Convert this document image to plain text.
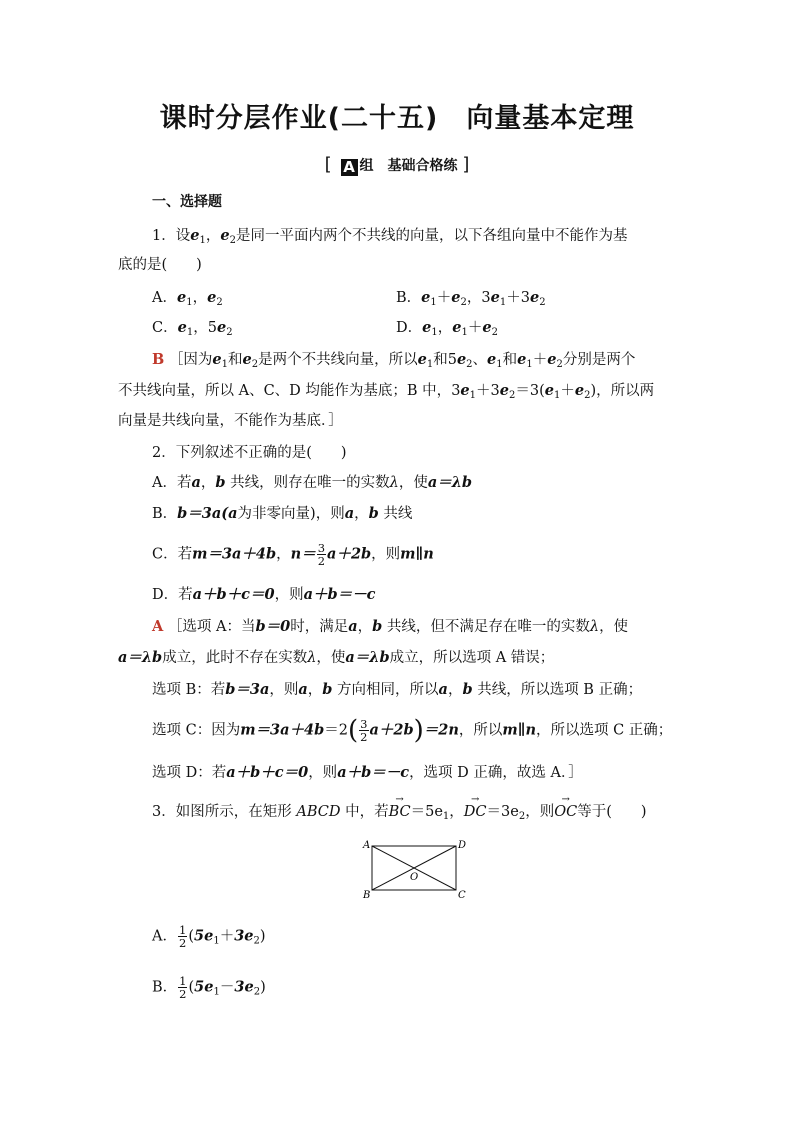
课时分层作业(二十五)　向量基本定理
[ A 组　基础合格练 ]
一、选择题
1．设$e_1$，$e_2$是同一平面内两个不共线的向量，以下各组向量中不能作为基
底的是(　　)
A．$e_1$，$e_2$	B．$e_1+e_2$，$3e_1+3e_2$
C．$e_1$，$5e_2$	D．$e_1$，$e_1+e_2$
B ［因为$e_1$和$e_2$是两个不共线向量，所以$e_1$和$5e_2$、$e_1$和$e_1+e_2$分别是两个
不共线向量，所以 A、C、D 均能作为基底；B 中，$3e_1+3e_2=3(e_1+e_2)$，所以两
向量是共线向量，不能作为基底．］
2．下列叙述不正确的是(　　)
A．若a，b 共线，则存在唯一的实数λ，使a＝λb
B．b＝3a(a为非零向量)，则a，b 共线
C．若m＝3a＋4b，$n= \frac{3}{2} a+2b$，则m∥n
D．若a＋b＋c＝0，则a＋b＝－c
A ［选项 A：当b＝0时，满足a，b 共线，但不满足存在唯一的实数λ，使
a＝λb成立，此时不存在实数λ，使a＝λb成立，所以选项 A 错误；
选项 B：若b＝3a，则a，b 方向相同，所以a，b 共线，所以选项 B 正确；
选项 C：因为$m=3a+4b=2( \frac{3}{2} a+2b)=2n$，所以m∥n，所以选项 C 正确；
选项 D：若a＋b＋c＝0，则a＋b＝－c，选项 D 正确，故选 A．］
3．如图所示，在矩形 ABCD 中，若→ $BC=5e_1$，→ $DC=3e_2$，则→ OC等于(　　)
A	D
B	C
O
A． $\frac{1}{2} (5e_1+3e_2)$
B． $\frac{1}{2} (5e_1-3e_2)$
